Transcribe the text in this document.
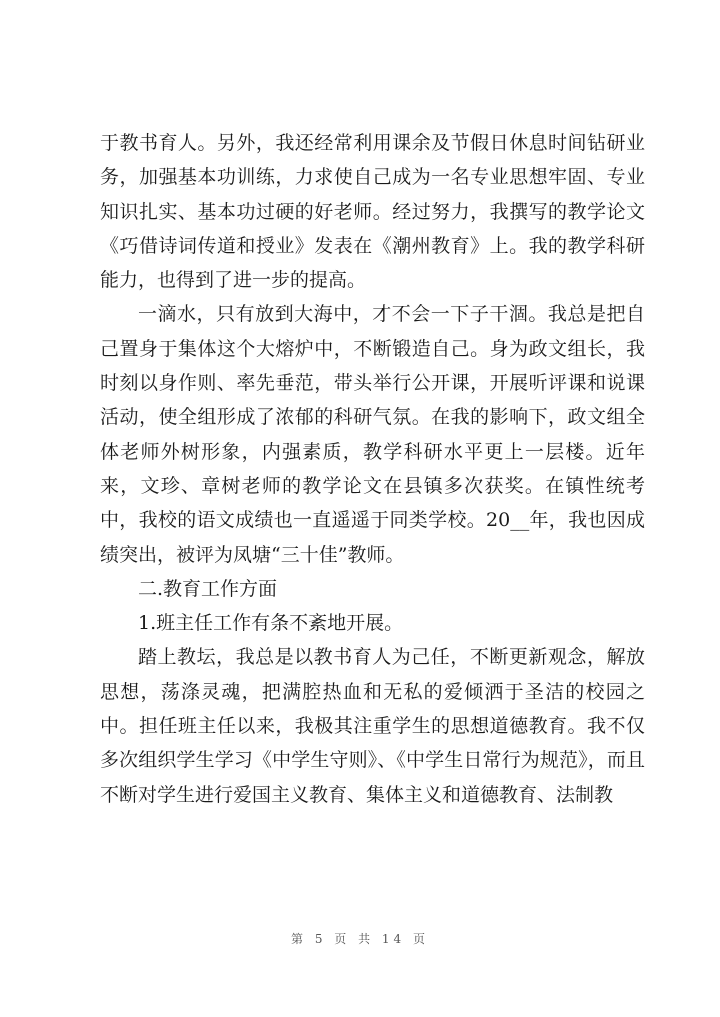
于教书育人。另外，我还经常利用课余及节假日休息时间钻研业务，加强基本功训练，力求使自己成为一名专业思想牢固、专业知识扎实、基本功过硬的好老师。经过努力，我撰写的教学论文《巧借诗词传道和授业》发表在《潮州教育》上。我的教学科研能力，也得到了进一步的提高。

一滴水，只有放到大海中，才不会一下子干涸。我总是把自己置身于集体这个大熔炉中，不断锻造自己。身为政文组长，我时刻以身作则、率先垂范，带头举行公开课，开展听评课和说课活动，使全组形成了浓郁的科研气氛。在我的影响下，政文组全体老师外树形象，内强素质，教学科研水平更上一层楼。近年来，文珍、章树老师的教学论文在县镇多次获奖。在镇性统考中，我校的语文成绩也一直遥遥于同类学校。20__年，我也因成绩突出，被评为凤塘“三十佳”教师。

二.教育工作方面

1.班主任工作有条不紊地开展。

踏上教坛，我总是以教书育人为己任，不断更新观念，解放思想，荡涤灵魂，把满腔热血和无私的爱倾洒于圣洁的校园之中。担任班主任以来，我极其注重学生的思想道德教育。我不仅多次组织学生学习《中学生守则》、《中学生日常行为规范》，而且不断对学生进行爱国主义教育、集体主义和道德教育、法制教

第 5 页 共 14 页
